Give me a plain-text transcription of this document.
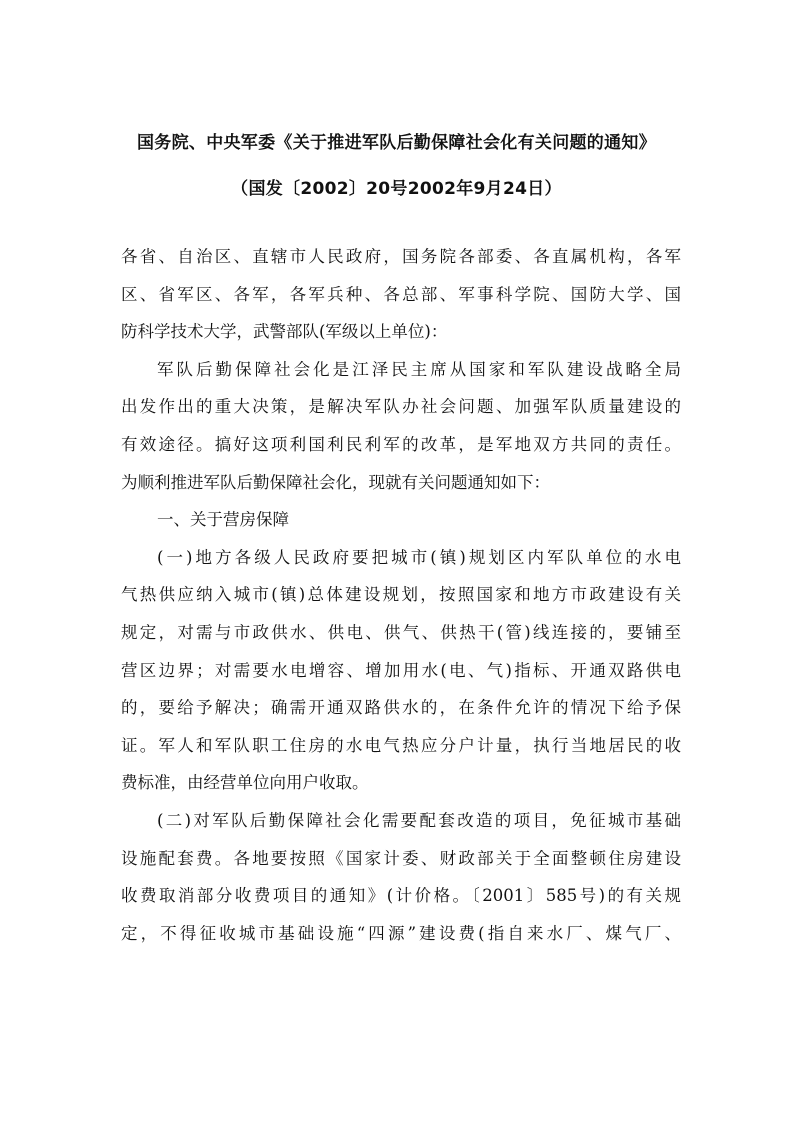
国务院、中央军委《关于推进军队后勤保障社会化有关问题的通知》
（国发〔2002〕20号2002年9月24日）
各省、自治区、直辖市人民政府，国务院各部委、各直属机构，各军
区、省军区、各军，各军兵种、各总部、军事科学院、国防大学、国
防科学技术大学，武警部队(军级以上单位)：
军队后勤保障社会化是江泽民主席从国家和军队建设战略全局
出发作出的重大决策，是解决军队办社会问题、加强军队质量建设的
有效途径。搞好这项利国利民利军的改革，是军地双方共同的责任。
为顺利推进军队后勤保障社会化，现就有关问题通知如下：
一、关于营房保障
(一)地方各级人民政府要把城市(镇)规划区内军队单位的水电
气热供应纳入城市(镇)总体建设规划，按照国家和地方市政建设有关
规定，对需与市政供水、供电、供气、供热干(管)线连接的，要铺至
营区边界；对需要水电增容、增加用水(电、气)指标、开通双路供电
的，要给予解决；确需开通双路供水的，在条件允许的情况下给予保
证。军人和军队职工住房的水电气热应分户计量，执行当地居民的收
费标准，由经营单位向用户收取。
(二)对军队后勤保障社会化需要配套改造的项目，免征城市基础
设施配套费。各地要按照《国家计委、财政部关于全面整顿住房建设
收费取消部分收费项目的通知》(计价格。〔2001〕585号)的有关规
定，不得征收城市基础设施“四源”建设费(指自来水厂、煤气厂、
